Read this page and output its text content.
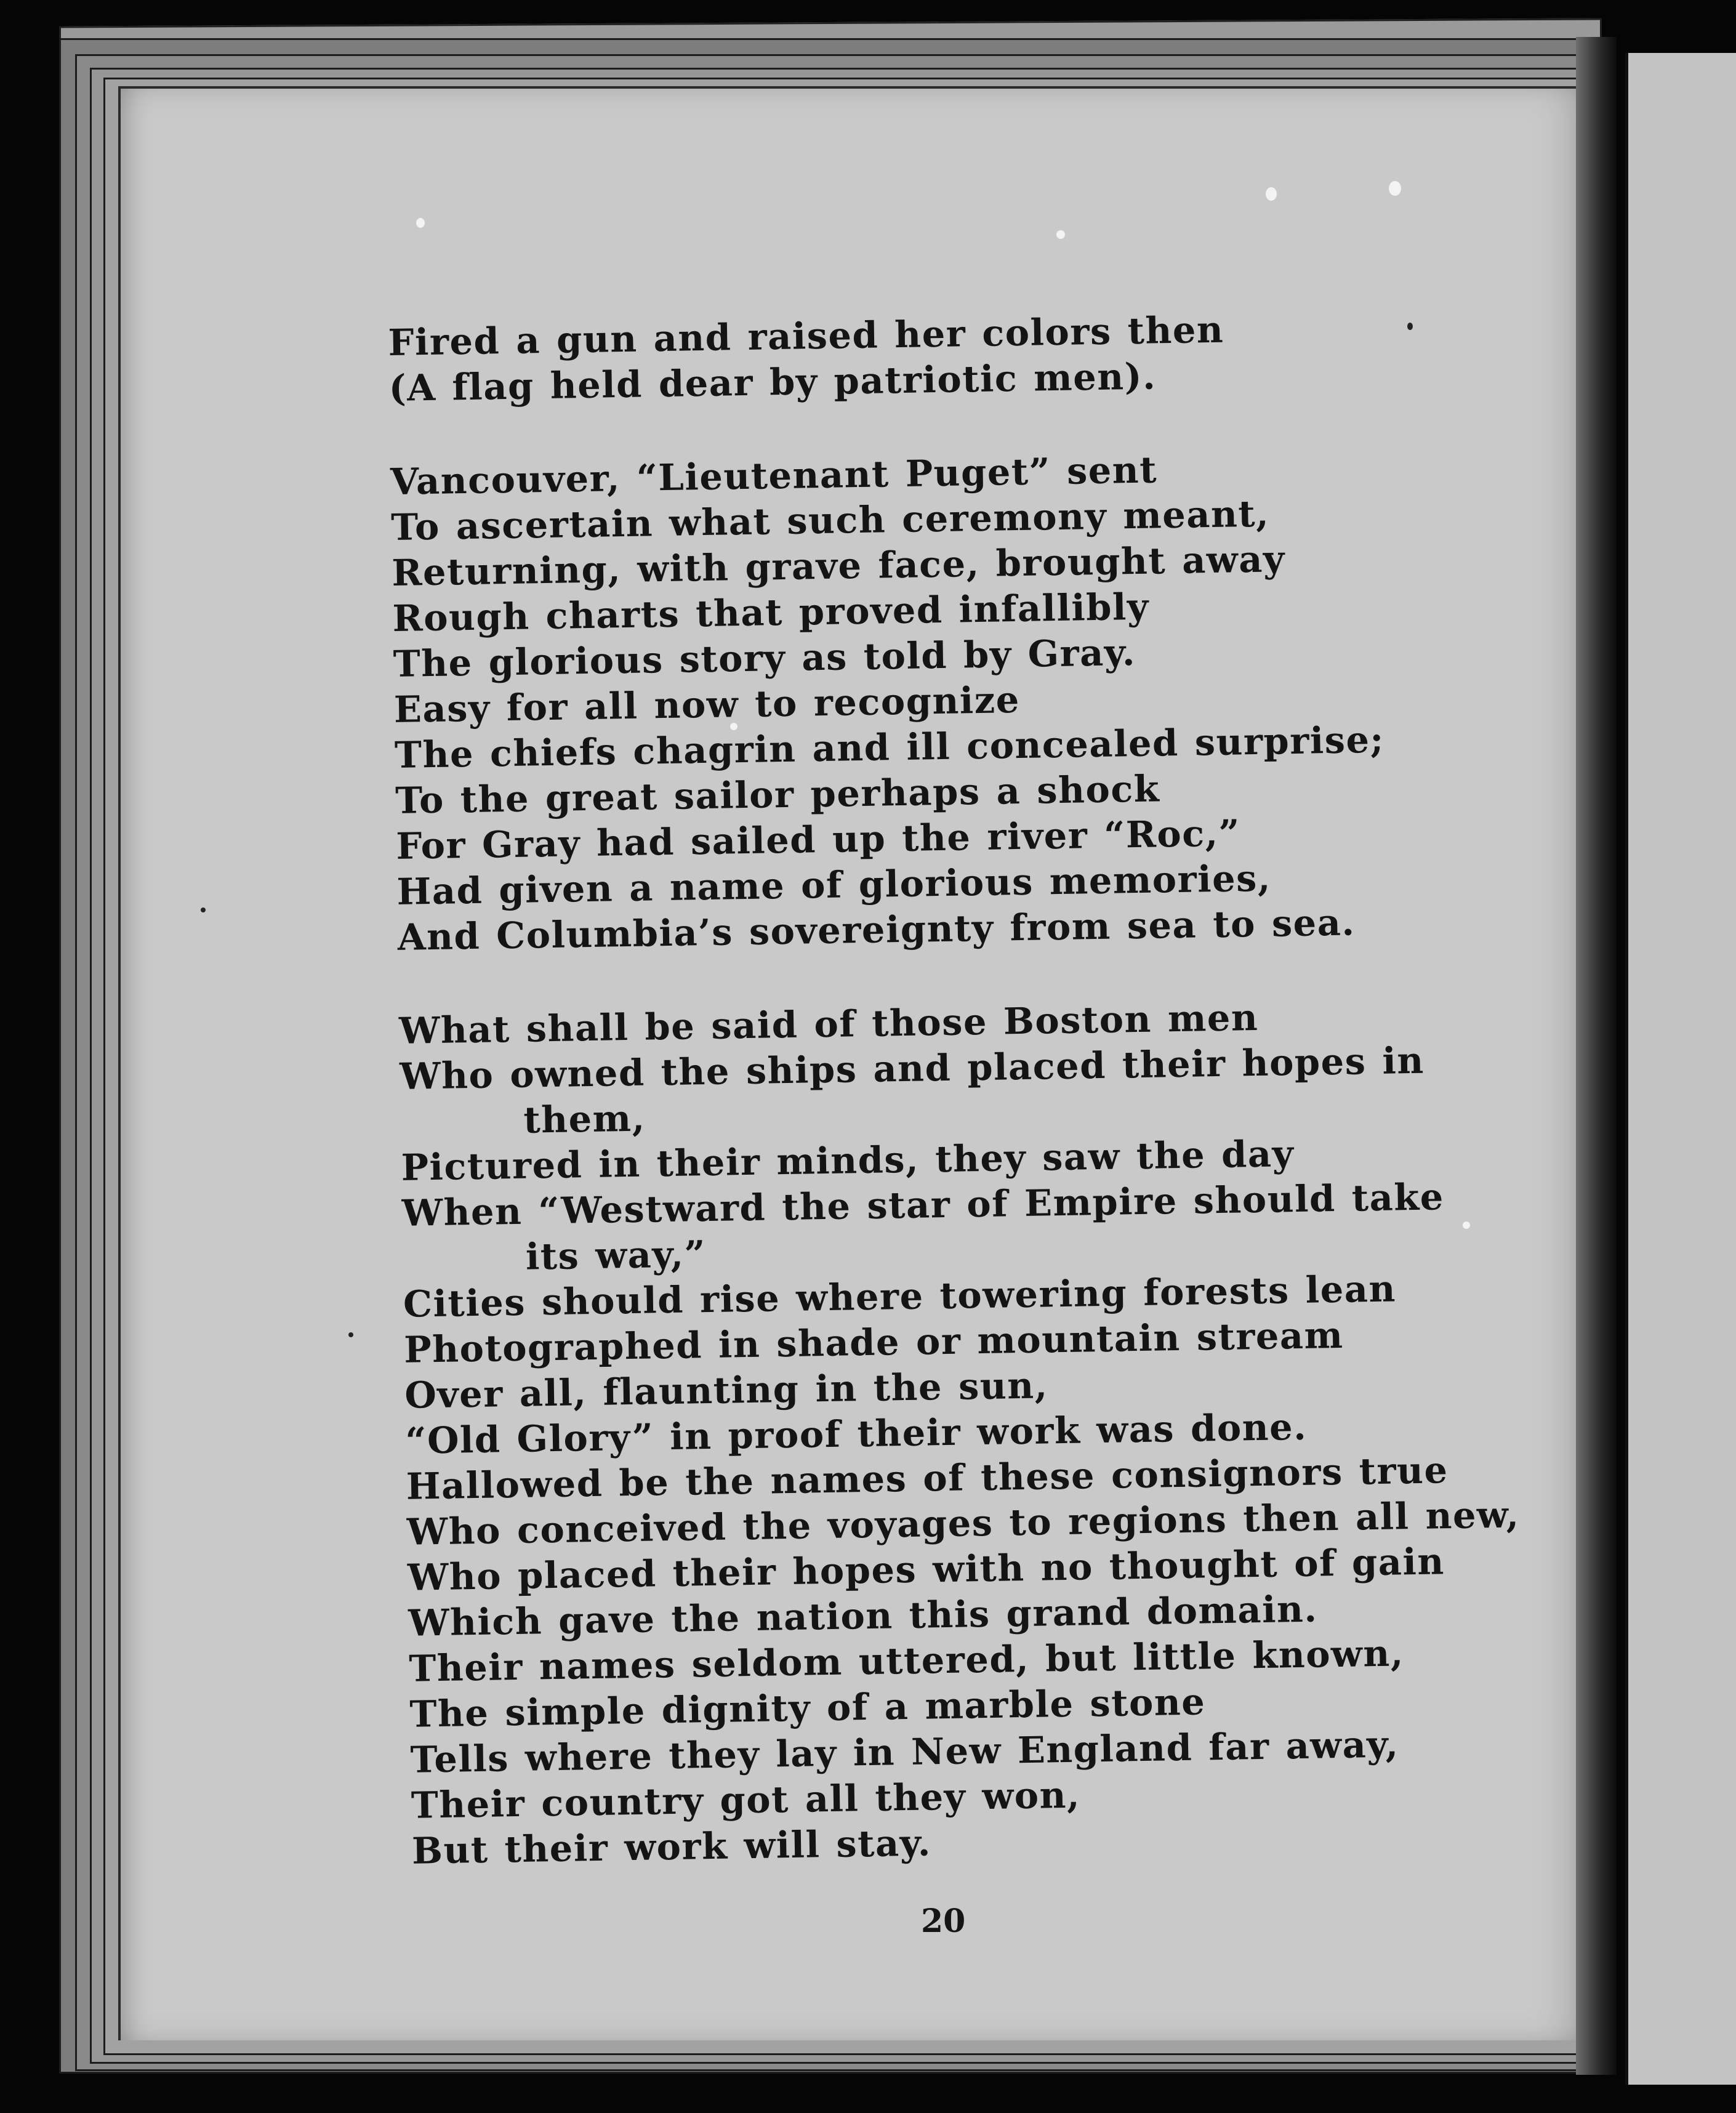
Fired a gun and raised her colors then
(A flag held dear by patriotic men).
Vancouver, “Lieutenant Puget” sent
To ascertain what such ceremony meant,
Returning, with grave face, brought away
Rough charts that proved infallibly
The glorious story as told by Gray.
Easy for all now to recognize
The chiefs chagrin and ill concealed surprise;
To the great sailor perhaps a shock
For Gray had sailed up the river “Roc,”
Had given a name of glorious memories,
And Columbia’s sovereignty from sea to sea.
What shall be said of those Boston men
Who owned the ships and placed their hopes in
them,
Pictured in their minds, they saw the day
When “Westward the star of Empire should take
its way,”
Cities should rise where towering forests lean
Photographed in shade or mountain stream
Over all, flaunting in the sun,
“Old Glory” in proof their work was done.
Hallowed be the names of these consignors true
Who conceived the voyages to regions then all new,
Who placed their hopes with no thought of gain
Which gave the nation this grand domain.
Their names seldom uttered, but little known,
The simple dignity of a marble stone
Tells where they lay in New England far away,
Their country got all they won,
But their work will stay.
20
